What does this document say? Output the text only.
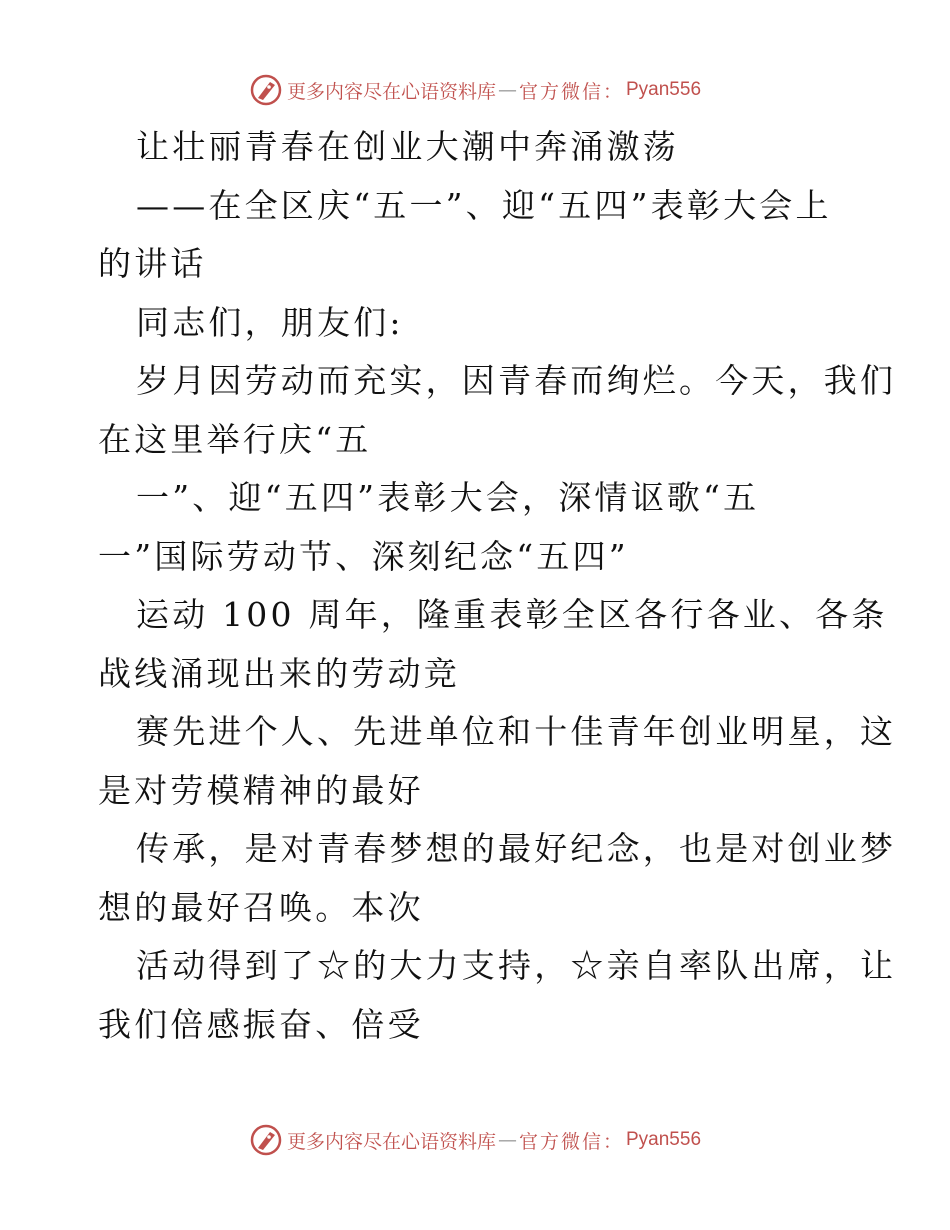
更多内容尽在心语资料库 — 官方微信： Pyan556
让壮丽青春在创业大潮中奔涌激荡
——在全区庆“五一”、迎“五四”表彰大会上
的讲话
同志们，朋友们:
岁月因劳动而充实，因青春而绚烂。今天，我们
在这里举行庆“五
一”、迎“五四”表彰大会，深情讴歌“五
一”国际劳动节、深刻纪念“五四”
运动 100 周年，隆重表彰全区各行各业、各条
战线涌现出来的劳动竞
赛先进个人、先进单位和十佳青年创业明星，这
是对劳模精神的最好
传承，是对青春梦想的最好纪念，也是对创业梦
想的最好召唤。本次
活动得到了☆的大力支持，☆亲自率队出席，让
我们倍感振奋、倍受
更多内容尽在心语资料库 — 官方微信： Pyan556
